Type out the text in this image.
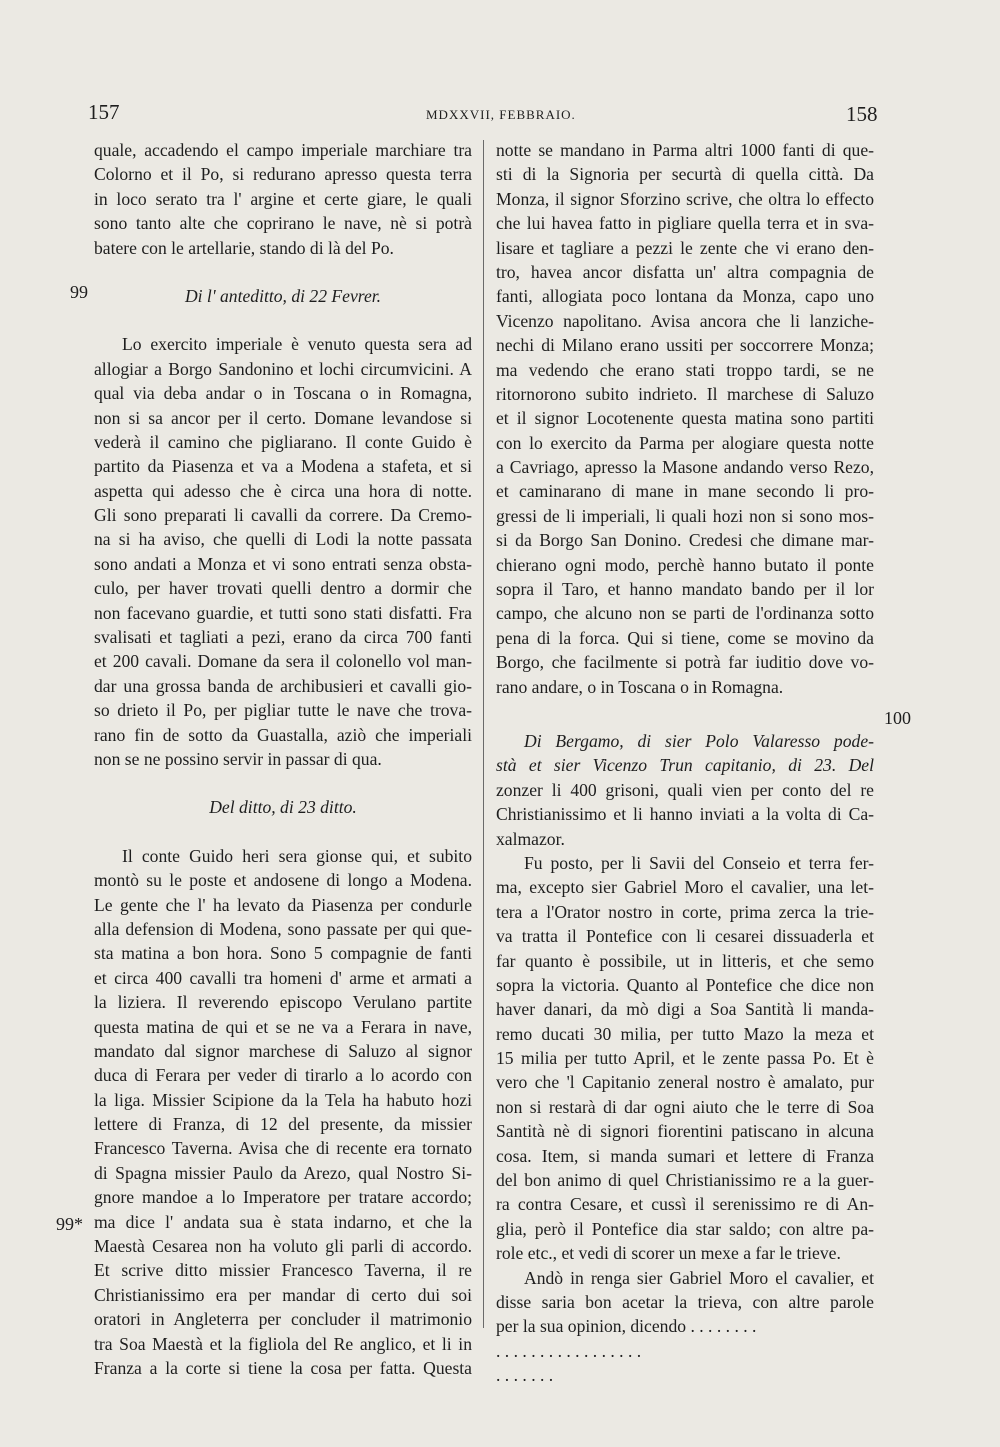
157	MDXXVII, FEBBRAIO.	158
99
99*
100
quale, accadendo el campo imperiale marchiare tra
Colorno et il Po, si redurano apresso questa terra
in loco serato tra l' argine et certe giare, le quali
sono tanto alte che coprirano le nave, nè si potrà
batere con le artellarie, stando di là del Po.
Di l' anteditto, di 22 Fevrer.
Lo exercito imperiale è venuto questa sera ad
allogiar a Borgo Sandonino et lochi circumvicini. A
qual via deba andar o in Toscana o in Romagna,
non si sa ancor per il certo. Domane levandose si
vederà il camino che pigliarano. Il conte Guido è
partito da Piasenza et va a Modena a stafeta, et si
aspetta qui adesso che è circa una hora di notte.
Gli sono preparati li cavalli da correre. Da Cremo-
na si ha aviso, che quelli di Lodi la notte passata
sono andati a Monza et vi sono entrati senza obsta-
culo, per haver trovati quelli dentro a dormir che
non facevano guardie, et tutti sono stati disfatti. Fra
svalisati et tagliati a pezi, erano da circa 700 fanti
et 200 cavali. Domane da sera il colonello vol man-
dar una grossa banda de archibusieri et cavalli gio-
so drieto il Po, per pigliar tutte le nave che trova-
rano fin de sotto da Guastalla, aziò che imperiali
non se ne possino servir in passar di qua.
Del ditto, di 23 ditto.
Il conte Guido heri sera gionse qui, et subito
montò su le poste et andosene di longo a Modena.
Le gente che l' ha levato da Piasenza per condurle
alla defension di Modena, sono passate per qui que-
sta matina a bon hora. Sono 5 compagnie de fanti
et circa 400 cavalli tra homeni d' arme et armati a
la liziera. Il reverendo episcopo Verulano partite
questa matina de qui et se ne va a Ferara in nave,
mandato dal signor marchese di Saluzo al signor
duca di Ferara per veder di tirarlo a lo acordo con
la liga. Missier Scipione da la Tela ha habuto hozi
lettere di Franza, di 12 del presente, da missier
Francesco Taverna. Avisa che di recente era tornato
di Spagna missier Paulo da Arezo, qual Nostro Si-
gnore mandoe a lo Imperatore per tratare accordo;
ma dice l' andata sua è stata indarno, et che la
Maestà Cesarea non ha voluto gli parli di accordo.
Et scrive ditto missier Francesco Taverna, il re
Christianissimo era per mandar di certo dui soi
oratori in Angleterra per concluder il matrimonio
tra Soa Maestà et la figliola del Re anglico, et li in
Franza a la corte si tiene la cosa per fatta. Questa
notte se mandano in Parma altri 1000 fanti di que-
sti di la Signoria per securtà di quella città. Da
Monza, il signor Sforzino scrive, che oltra lo effecto
che lui havea fatto in pigliare quella terra et in sva-
lisare et tagliare a pezzi le zente che vi erano den-
tro, havea ancor disfatta un' altra compagnia de
fanti, allogiata poco lontana da Monza, capo uno
Vicenzo napolitano. Avisa ancora che li lanziche-
nechi di Milano erano ussiti per soccorrere Monza;
ma vedendo che erano stati troppo tardi, se ne
ritornorono subito indrieto. Il marchese di Saluzo
et il signor Locotenente questa matina sono partiti
con lo exercito da Parma per alogiare questa notte
a Cavriago, apresso la Masone andando verso Rezo,
et caminarano di mane in mane secondo li pro-
gressi de li imperiali, li quali hozi non si sono mos-
si da Borgo San Donino. Credesi che dimane mar-
chierano ogni modo, perchè hanno butato il ponte
sopra il Taro, et hanno mandato bando per il lor
campo, che alcuno non se parti de l'ordinanza sotto
pena di la forca. Qui si tiene, come se movino da
Borgo, che facilmente si potrà far iuditio dove vo-
rano andare, o in Toscana o in Romagna.
Di Bergamo, di sier Polo Valaresso pode-
stà et sier Vicenzo Trun capitanio, di 23. Del
zonzer li 400 grisoni, quali vien per conto del re
Christianissimo et li hanno inviati a la volta di Ca-
xalmazor.
Fu posto, per li Savii del Conseio et terra fer-
ma, excepto sier Gabriel Moro el cavalier, una let-
tera a l'Orator nostro in corte, prima zerca la trie-
va tratta il Pontefice con li cesarei dissuaderla et
far quanto è possibile, ut in litteris, et che semo
sopra la victoria. Quanto al Pontefice che dice non
haver danari, da mò digi a Soa Santità li manda-
remo ducati 30 milia, per tutto Mazo la meza et
15 milia per tutto April, et le zente passa Po. Et è
vero che 'l Capitanio zeneral nostro è amalato, pur
non si restarà di dar ogni aiuto che le terre di Soa
Santità nè di signori fiorentini patiscano in alcuna
cosa. Item, si manda sumari et lettere di Franza
del bon animo di quel Christianissimo re a la guer-
ra contra Cesare, et cussì il serenissimo re di An-
glia, però il Pontefice dia star saldo; con altre pa-
role etc., et vedi di scorer un mexe a far le trieve.
Andò in renga sier Gabriel Moro el cavalier, et
disse saria bon acetar la trieva, con altre parole
per la sua opinion, dicendo . . . . . . . .
. . . . . . . . . . . . . . . . .
. . . . . . .
